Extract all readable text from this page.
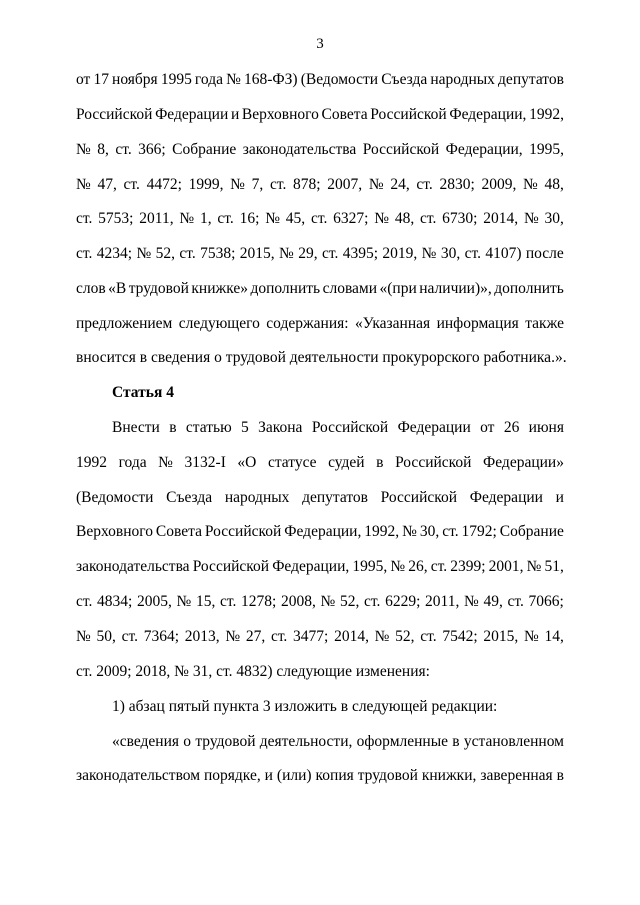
3
от 17 ноября 1995 года № 168-ФЗ) (Ведомости Съезда народных депутатов
Российской Федерации и Верховного Совета Российской Федерации, 1992,
№ 8, ст. 366; Собрание законодательства Российской Федерации, 1995,
№ 47, ст. 4472; 1999, № 7, ст. 878; 2007, № 24, ст. 2830; 2009, № 48,
ст. 5753; 2011, № 1, ст. 16; № 45, ст. 6327; № 48, ст. 6730; 2014, № 30,
ст. 4234; № 52, ст. 7538; 2015, № 29, ст. 4395; 2019, № 30, ст. 4107) после
слов «В трудовой книжке» дополнить словами «(при наличии)», дополнить
предложением следующего содержания: «Указанная информация также
вносится в сведения о трудовой деятельности прокурорского работника.».
Статья 4
Внести в статью 5 Закона Российской Федерации от 26 июня
1992 года № 3132-I «О статусе судей в Российской Федерации»
(Ведомости Съезда народных депутатов Российской Федерации и
Верховного Совета Российской Федерации, 1992, № 30, ст. 1792; Собрание
законодательства Российской Федерации, 1995, № 26, ст. 2399; 2001, № 51,
ст. 4834; 2005, № 15, ст. 1278; 2008, № 52, ст. 6229; 2011, № 49, ст. 7066;
№ 50, ст. 7364; 2013, № 27, ст. 3477; 2014, № 52, ст. 7542; 2015, № 14,
ст. 2009; 2018, № 31, ст. 4832) следующие изменения:
1) абзац пятый пункта 3 изложить в следующей редакции:
«сведения о трудовой деятельности, оформленные в установленном
законодательством порядке, и (или) копия трудовой книжки, заверенная в
